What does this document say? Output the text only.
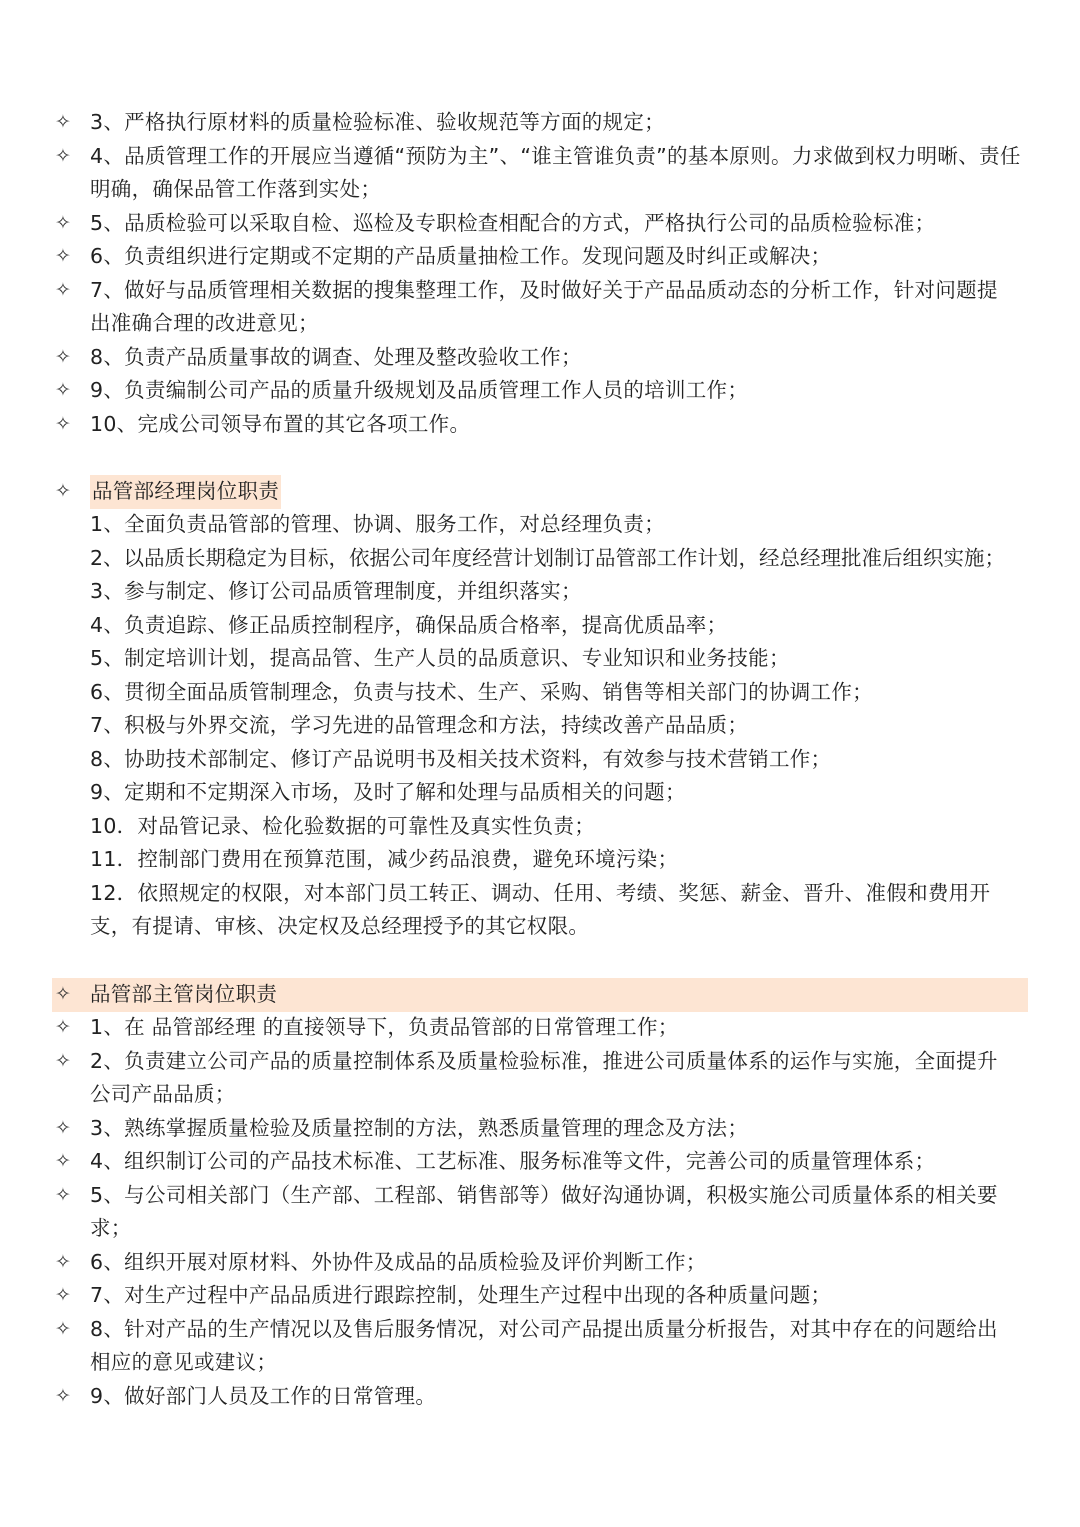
✧ 3、严格执行原材料的质量检验标准、验收规范等方面的规定；
✧ 4、品质管理工作的开展应当遵循“预防为主”、“谁主管谁负责”的基本原则。力求做到权力明晰、责任
明确，确保品管工作落到实处；
✧ 5、品质检验可以采取自检、巡检及专职检查相配合的方式，严格执行公司的品质检验标准；
✧ 6、负责组织进行定期或不定期的产品质量抽检工作。发现问题及时纠正或解决；
✧ 7、做好与品质管理相关数据的搜集整理工作，及时做好关于产品品质动态的分析工作，针对问题提
出准确合理的改进意见；
✧ 8、负责产品质量事故的调查、处理及整改验收工作；
✧ 9、负责编制公司产品的质量升级规划及品质管理工作人员的培训工作；
✧ 10、完成公司领导布置的其它各项工作。
✧ 品管部经理岗位职责
1、全面负责品管部的管理、协调、服务工作，对总经理负责；
2、以品质长期稳定为目标，依据公司年度经营计划制订品管部工作计划，经总经理批准后组织实施；
3、参与制定、修订公司品质管理制度，并组织落实；
4、负责追踪、修正品质控制程序，确保品质合格率，提高优质品率；
5、制定培训计划，提高品管、生产人员的品质意识、专业知识和业务技能；
6、贯彻全面品质管制理念，负责与技术、生产、采购、销售等相关部门的协调工作；
7、积极与外界交流，学习先进的品管理念和方法，持续改善产品品质；
8、协助技术部制定、修订产品说明书及相关技术资料，有效参与技术营销工作；
9、定期和不定期深入市场，及时了解和处理与品质相关的问题；
10．对品管记录、检化验数据的可靠性及真实性负责；
11．控制部门费用在预算范围，减少药品浪费，避免环境污染；
12．依照规定的权限，对本部门员工转正、调动、任用、考绩、奖惩、薪金、晋升、准假和费用开
支，有提请、审核、决定权及总经理授予的其它权限。
✧ 品管部主管岗位职责
✧ 1、在 品管部经理 的直接领导下，负责品管部的日常管理工作；
✧ 2、负责建立公司产品的质量控制体系及质量检验标准，推进公司质量体系的运作与实施，全面提升
公司产品品质；
✧ 3、熟练掌握质量检验及质量控制的方法，熟悉质量管理的理念及方法；
✧ 4、组织制订公司的产品技术标准、工艺标准、服务标准等文件，完善公司的质量管理体系；
✧ 5、与公司相关部门（生产部、工程部、销售部等）做好沟通协调，积极实施公司质量体系的相关要
求；
✧ 6、组织开展对原材料、外协件及成品的品质检验及评价判断工作；
✧ 7、对生产过程中产品品质进行跟踪控制，处理生产过程中出现的各种质量问题；
✧ 8、针对产品的生产情况以及售后服务情况，对公司产品提出质量分析报告，对其中存在的问题给出
相应的意见或建议；
✧ 9、做好部门人员及工作的日常管理。
